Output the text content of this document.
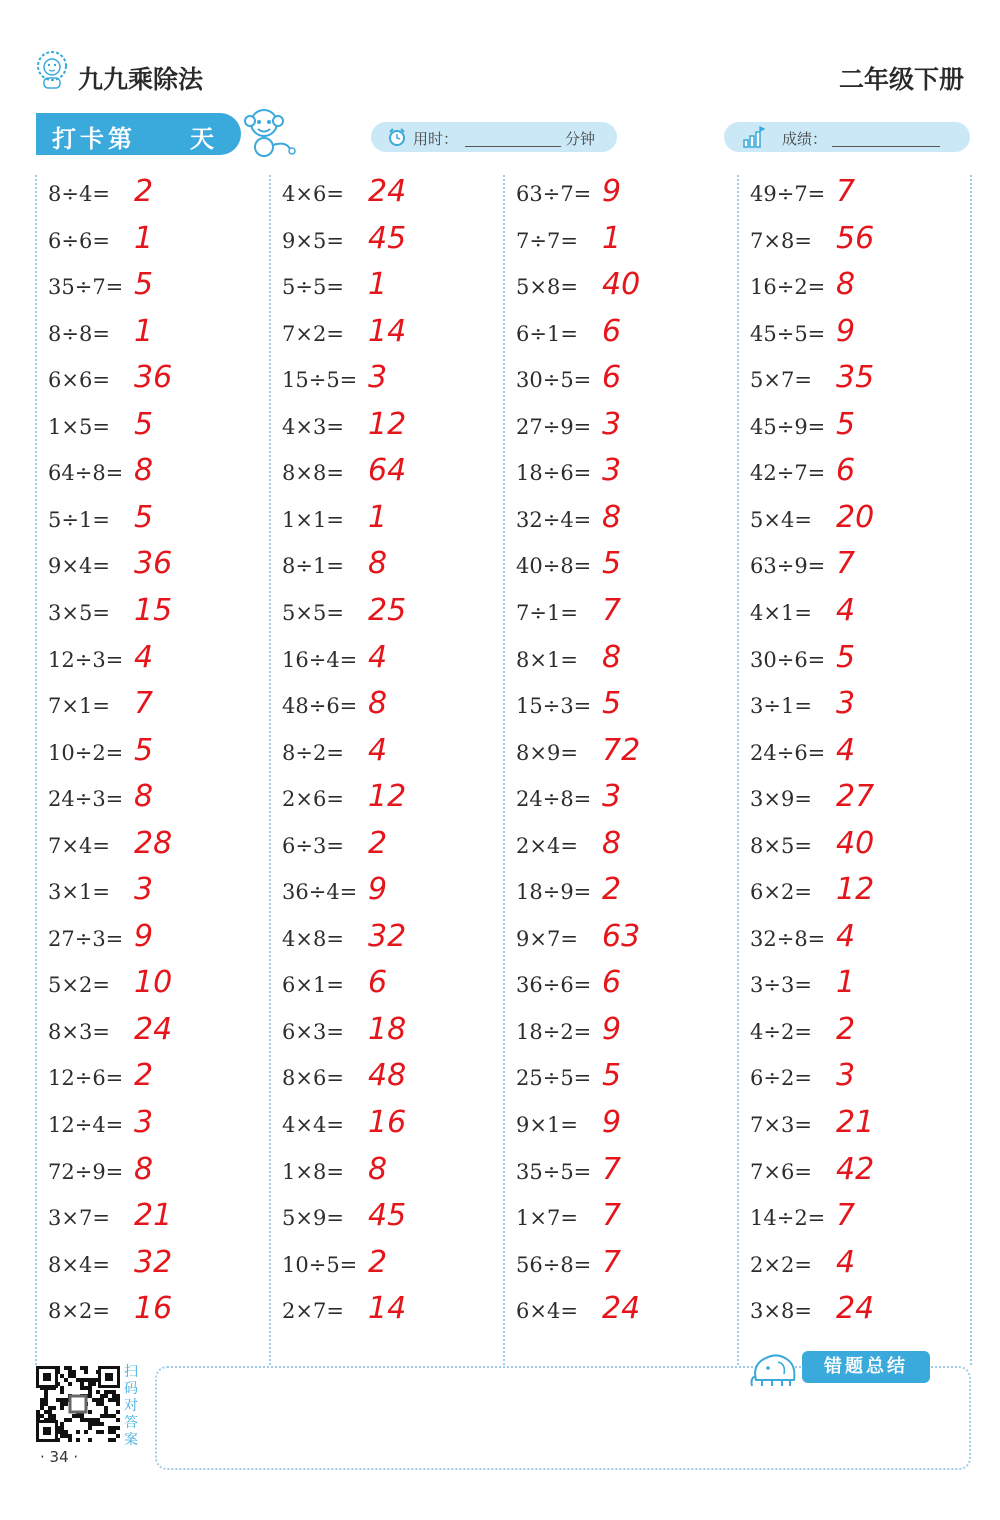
九九乘除法	二年级下册
打卡第 天	用时：	分钟	成绩：
8÷4= 2
6÷6= 1
35÷7= 5
8÷8= 1
6×6= 36
1×5= 5
64÷8= 8
5÷1= 5
9×4= 36
3×5= 15
12÷3= 4
7×1= 7
10÷2= 5
24÷3= 8
7×4= 28
3×1= 3
27÷3= 9
5×2= 10
8×3= 24
12÷6= 2
12÷4= 3
72÷9= 8
3×7= 21
8×4= 32
8×2= 16
4×6= 24
9×5= 45
5÷5= 1
7×2= 14
15÷5= 3
4×3= 12
8×8= 64
1×1= 1
8÷1= 8
5×5= 25
16÷4= 4
48÷6= 8
8÷2= 4
2×6= 12
6÷3= 2
36÷4= 9
4×8= 32
6×1= 6
6×3= 18
8×6= 48
4×4= 16
1×8= 8
5×9= 45
10÷5= 2
2×7= 14
63÷7= 9
7÷7= 1
5×8= 40
6÷1= 6
30÷5= 6
27÷9= 3
18÷6= 3
32÷4= 8
40÷8= 5
7÷1= 7
8×1= 8
15÷3= 5
8×9= 72
24÷8= 3
2×4= 8
18÷9= 2
9×7= 63
36÷6= 6
18÷2= 9
25÷5= 5
9×1= 9
35÷5= 7
1×7= 7
56÷8= 7
6×4= 24
49÷7= 7
7×8= 56
16÷2= 8
45÷5= 9
5×7= 35
45÷9= 5
42÷7= 6
5×4= 20
63÷9= 7
4×1= 4
30÷6= 5
3÷1= 3
24÷6= 4
3×9= 27
8×5= 40
6×2= 12
32÷8= 4
3÷3= 1
4÷2= 2
6÷2= 3
7×3= 21
7×6= 42
14÷2= 7
2×2= 4
3×8= 24
扫码对答案
· 34 ·
错题总结
